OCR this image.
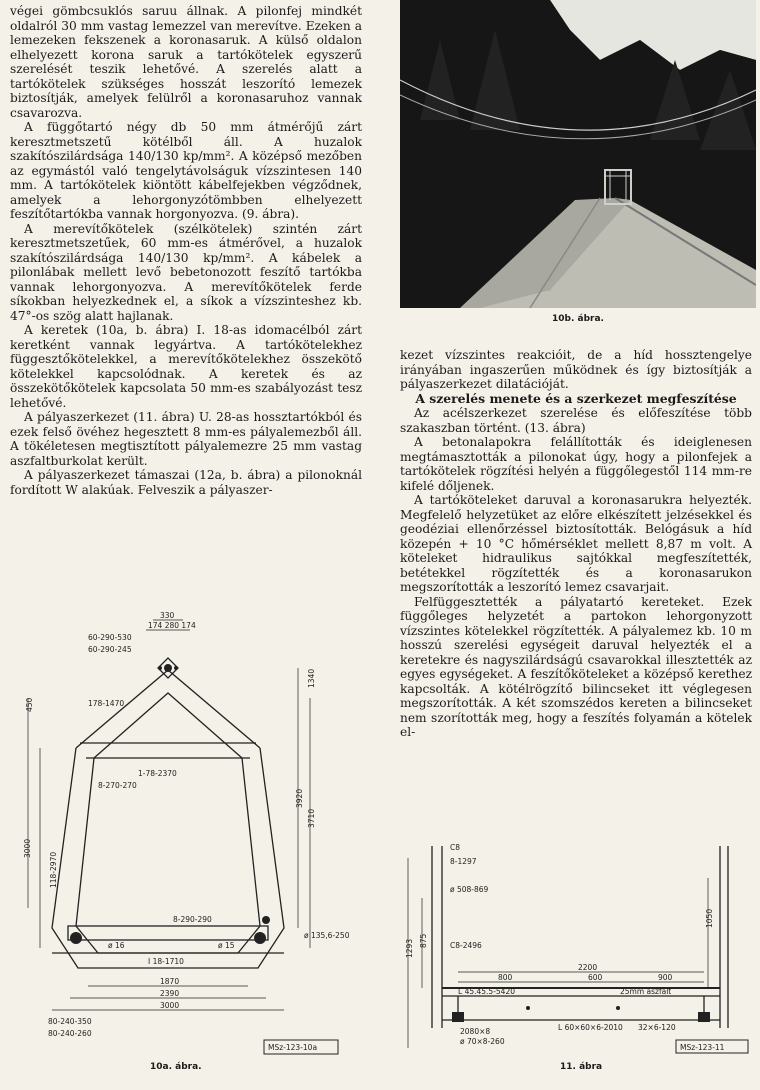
végei gömbcsuklós saruu állnak. A pilonfej mindkét oldalról 30 mm vastag lemezzel van merevítve. Ezeken a lemezeken fekszenek a koronasaruk. A külső oldalon elhelyezett korona saruk a tartókötelek egyszerű szerelését teszik lehetővé. A szerelés alatt a tartókötelek szükséges hosszát leszorító lemezek biztosítják, amelyek felülről a koronasaruhoz vannak csavarozva.

A függőtartó négy db 50 mm átmérőjű zárt keresztmetszetű kötélből áll. A huzalok szakítószilárdsága 140/130 kp/mm². A középső mezőben az egymástól való tengelytávolságuk vízszintesen 140 mm. A tartókötelek kiöntött kábelfejekben végződnek, amelyek a lehorgonyzótömbben elhelyezett feszítőtartókba vannak horgonyozva. (9. ábra).

A merevítőkötelek (szélkötelek) szintén zárt keresztmetszetűek, 60 mm-es átmérővel, a huzalok szakítószilárdsága 140/130 kp/mm². A kábelek a pilonlábak mellett levő bebetonozott feszítő tartókba vannak lehorgonyozva. A merevítőkötelek ferde síkokban helyezkednek el, a síkok a vízszinteshez kb. 47°-os szög alatt hajlanak.

A keretek (10a, b. ábra) I. 18-as idomacélból zárt keretként vannak legyártva. A tartókötelekhez függesztőkötelekkel, a merevítőkötelekhez összekötő kötelekkel kapcsolódnak. A keretek és az összekötőkötelek kapcsolata 50 mm-es szabályozást tesz lehetővé.

A pályaszerkezet (11. ábra) U. 28-as hossztartókból és ezek felső övéhez hegesztett 8 mm-es pályalemezből áll. A tökéletesen megtisztított pályalemezre 25 mm vastag aszfaltburkolat került.

A pályaszerkezet támaszai (12a, b. ábra) a pilonoknál fordított W alakúak. Felveszik a pályaszer-

10b. ábra.

kezet vízszintes reakcióit, de a híd hossztengelye irányában ingaszerűen működnek és így biztosítják a pályaszerkezet dilatációját.

A szerelés menete és a szerkezet megfeszítése

Az acélszerkezet szerelése és előfeszítése több szakaszban történt. (13. ábra)

A betonalapokra felállították és ideiglenesen megtámasztották a pilonokat úgy, hogy a pilonfejek a tartókötelek rögzítési helyén a függőlegestől 114 mm-re kifelé dőljenek.

A tartóköteleket daruval a koronasarukra helyezték. Megfelelő helyzetüket az előre elkészített jelzésekkel és geodéziai ellenőrzéssel biztosították. Belógásuk a híd közepén + 10 °C hőmérséklet mellett 8,87 m volt. A köteleket hidraulikus sajtókkal megfeszítették, betétekkel rögzítették és a koronasarukon megszorították a leszorító lemez csavarjait.

Felfüggesztették a pályatartó kereteket. Ezek függőleges helyzetét a partokon lehorgonyzott vízszintes kötelekkel rögzítették. A pályalemez kb. 10 m hosszú szerelési egységeit daruval helyezték el a keretekre és nagyszilárdságú csavarokkal illesztették az egyes egységeket. A feszítőköteleket a középső kerethez kapcsolták. A kötélrögzítő bilincseket itt véglegesen megszorították. A két szomszédos kereten a bilincseket nem szorították meg, hogy a feszítés folyamán a kötelek el-

330
174 280 174
60-290-530
60-290-245
178-1470
450
3000
118-2970
8-270-270
1-78-2370
3920
3710
1340
ø 135,6-250
8-290-290
ø 16	ø 15
I 18-1710
1870
2390
3000
80-240-350
80-240-260
MSz-123-10a
10a. ábra.
1293 875
C8
8-1297
ø 508-869
C8-2496
2200
800	600	900
L 45.45.5-5420	25mm aszfalt
2080×8
ø 70×8-260
L 60×60×6-2010 32×6-120
1050
MSz-123-11
11. ábra
